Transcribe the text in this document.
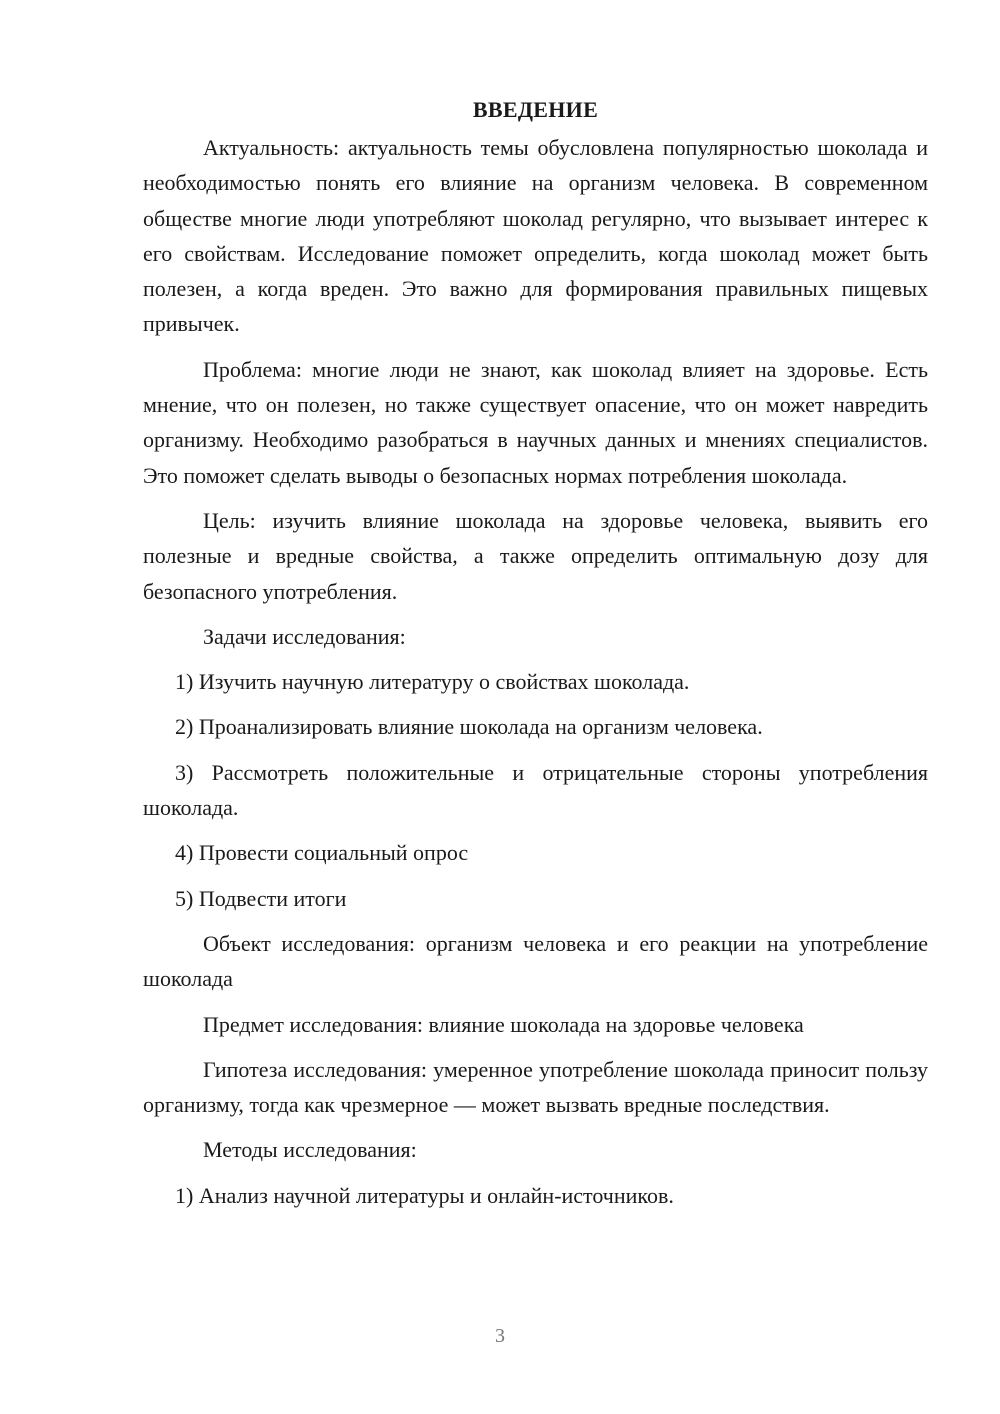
ВВЕДЕНИЕ

Актуальность: актуальность темы обусловлена популярностью шоколада и необходимостью понять его влияние на организм человека. В современном обществе многие люди употребляют шоколад регулярно, что вызывает интерес к его свойствам. Исследование поможет определить, когда шоколад может быть полезен, а когда вреден. Это важно для формирования правильных пищевых привычек.

Проблема: многие люди не знают, как шоколад влияет на здоровье. Есть мнение, что он полезен, но также существует опасение, что он может навредить организму. Необходимо разобраться в научных данных и мнениях специалистов. Это поможет сделать выводы о безопасных нормах потребления шоколада.

Цель: изучить влияние шоколада на здоровье человека, выявить его полезные и вредные свойства, а также определить оптимальную дозу для безопасного употребления.

Задачи исследования:

1) Изучить научную литературу о свойствах шоколада.

2) Проанализировать влияние шоколада на организм человека.

3) Рассмотреть положительные и отрицательные стороны употребления шоколада.

4) Провести социальный опрос

5) Подвести итоги

Объект исследования: организм человека и его реакции на употребление шоколада

Предмет исследования: влияние шоколада на здоровье человека

Гипотеза исследования: умеренное употребление шоколада приносит пользу организму, тогда как чрезмерное — может вызвать вредные последствия.

Методы исследования:

1) Анализ научной литературы и онлайн-источников.

3
